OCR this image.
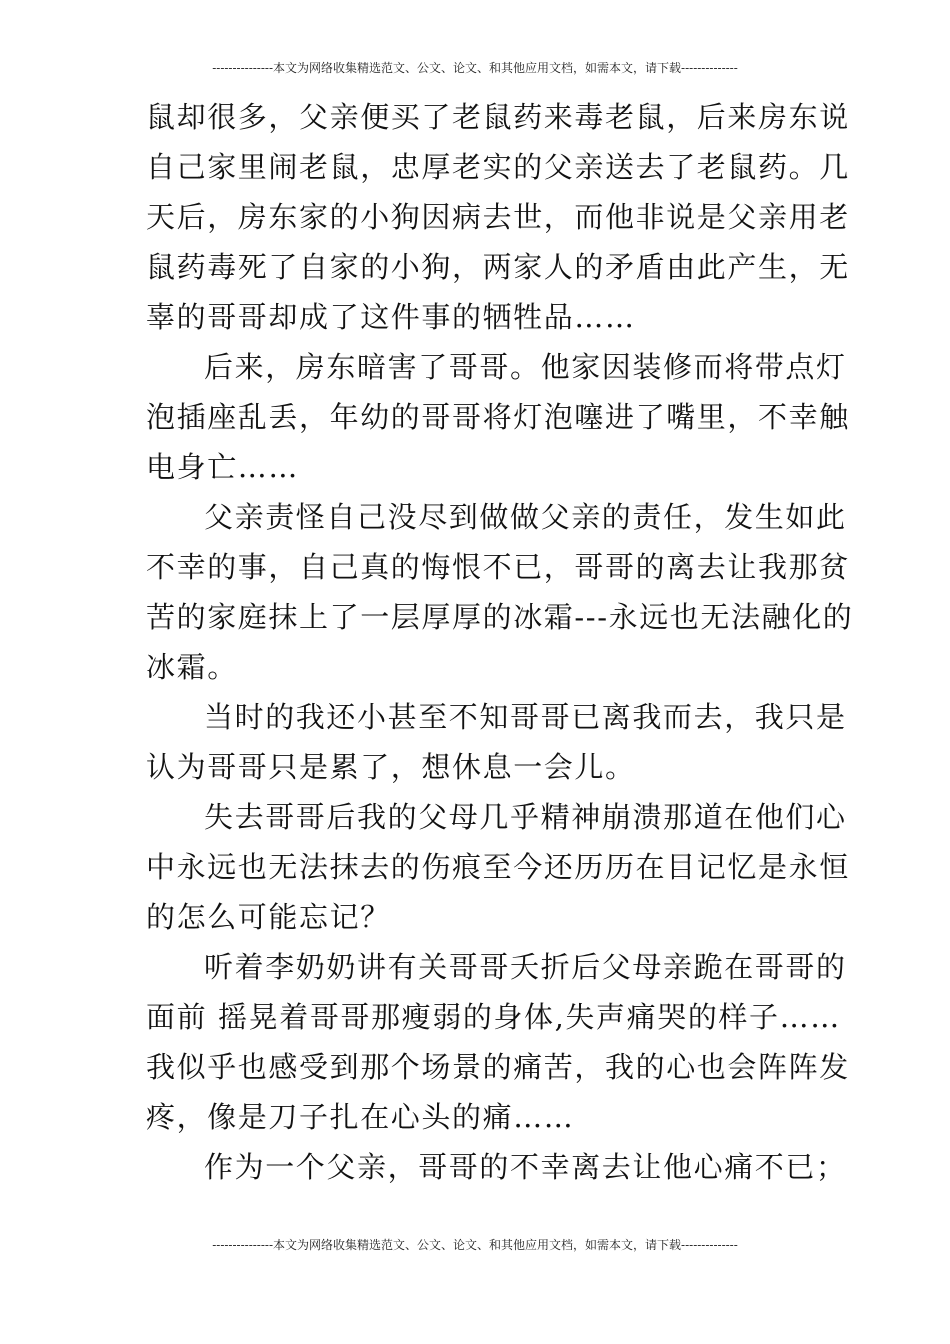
---------------本文为网络收集精选范文、公文、论文、和其他应用文档，如需本文，请下载--------------
鼠却很多，父亲便买了老鼠药来毒老鼠，后来房东说
自己家里闹老鼠，忠厚老实的父亲送去了老鼠药。几
天后，房东家的小狗因病去世，而他非说是父亲用老
鼠药毒死了自家的小狗，两家人的矛盾由此产生，无
辜的哥哥却成了这件事的牺牲品……
后来，房东暗害了哥哥。他家因装修而将带点灯
泡插座乱丢，年幼的哥哥将灯泡噻进了嘴里，不幸触
电身亡……
父亲责怪自己没尽到做做父亲的责任，发生如此
不幸的事，自己真的悔恨不已，哥哥的离去让我那贫
苦的家庭抹上了一层厚厚的冰霜---永远也无法融化的
冰霜。
当时的我还小甚至不知哥哥已离我而去，我只是
认为哥哥只是累了，想休息一会儿。
失去哥哥后我的父母几乎精神崩溃那道在他们心
中永远也无法抹去的伤痕至今还历历在目记忆是永恒
的怎么可能忘记？
听着李奶奶讲有关哥哥夭折后父母亲跪在哥哥的
面前 摇晃着哥哥那瘦弱的身体,失声痛哭的样子……
我似乎也感受到那个场景的痛苦，我的心也会阵阵发
疼，像是刀子扎在心头的痛……
作为一个父亲，哥哥的不幸离去让他心痛不已；
---------------本文为网络收集精选范文、公文、论文、和其他应用文档，如需本文，请下载--------------
